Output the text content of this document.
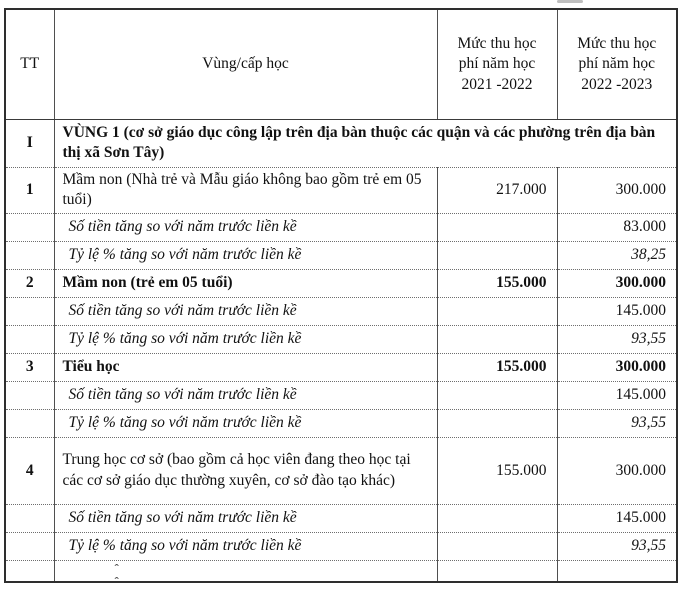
TT	Vùng/cấp học	Mức thu học phí năm học 2021 -2022	Mức thu học phí năm học 2022 -2023
I	VÙNG 1 (cơ sở giáo dục công lập trên địa bàn thuộc các quận và các phường trên địa bàn thị xã Sơn Tây)		
1	Mầm non (Nhà trẻ và Mẫu giáo không bao gồm trẻ em 05 tuổi)	217.000	300.000
	Số tiền tăng so với năm trước liền kề		83.000
	Tỷ lệ % tăng so với năm trước liền kề		38,25
2	Mầm non (trẻ em 05 tuổi)	155.000	300.000
	Số tiền tăng so với năm trước liền kề		145.000
	Tỷ lệ % tăng so với năm trước liền kề		93,55
3	Tiểu học	155.000	300.000
	Số tiền tăng so với năm trước liền kề		145.000
	Tỷ lệ % tăng so với năm trước liền kề		93,55
4	Trung học cơ sở (bao gồm cả học viên đang theo học tại các cơ sở giáo dục thường xuyên, cơ sở đào tạo khác)	155.000	300.000
	Số tiền tăng so với năm trước liền kề		145.000
	Tỷ lệ % tăng so với năm trước liền kề		93,55

	ˆ ˆ		
